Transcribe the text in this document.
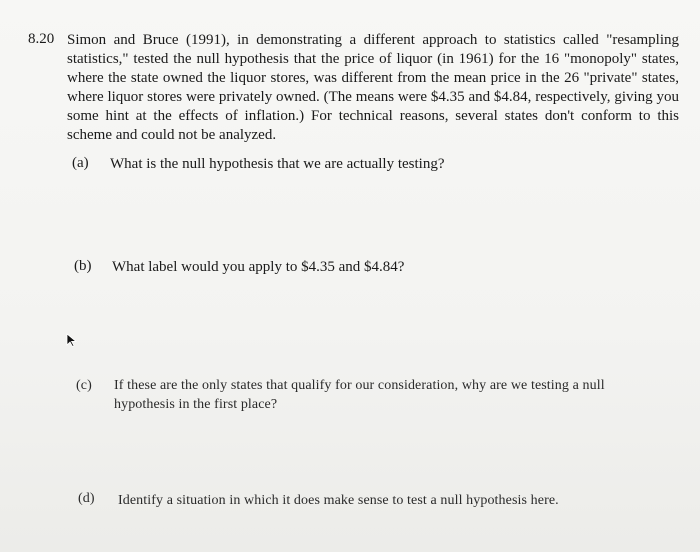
8.20 Simon and Bruce (1991), in demonstrating a different approach to statistics called "resampling statistics," tested the null hypothesis that the price of liquor (in 1961) for the 16 "monopoly" states, where the state owned the liquor stores, was different from the mean price in the 26 "private" states, where liquor stores were privately owned. (The means were $4.35 and $4.84, respectively, giving you some hint at the effects of inflation.) For technical reasons, several states don't conform to this scheme and could not be analyzed.
(a) What is the null hypothesis that we are actually testing?
(b) What label would you apply to $4.35 and $4.84?
(c) If these are the only states that qualify for our consideration, why are we testing a null hypothesis in the first place?
(d) Identify a situation in which it does make sense to test a null hypothesis here.
